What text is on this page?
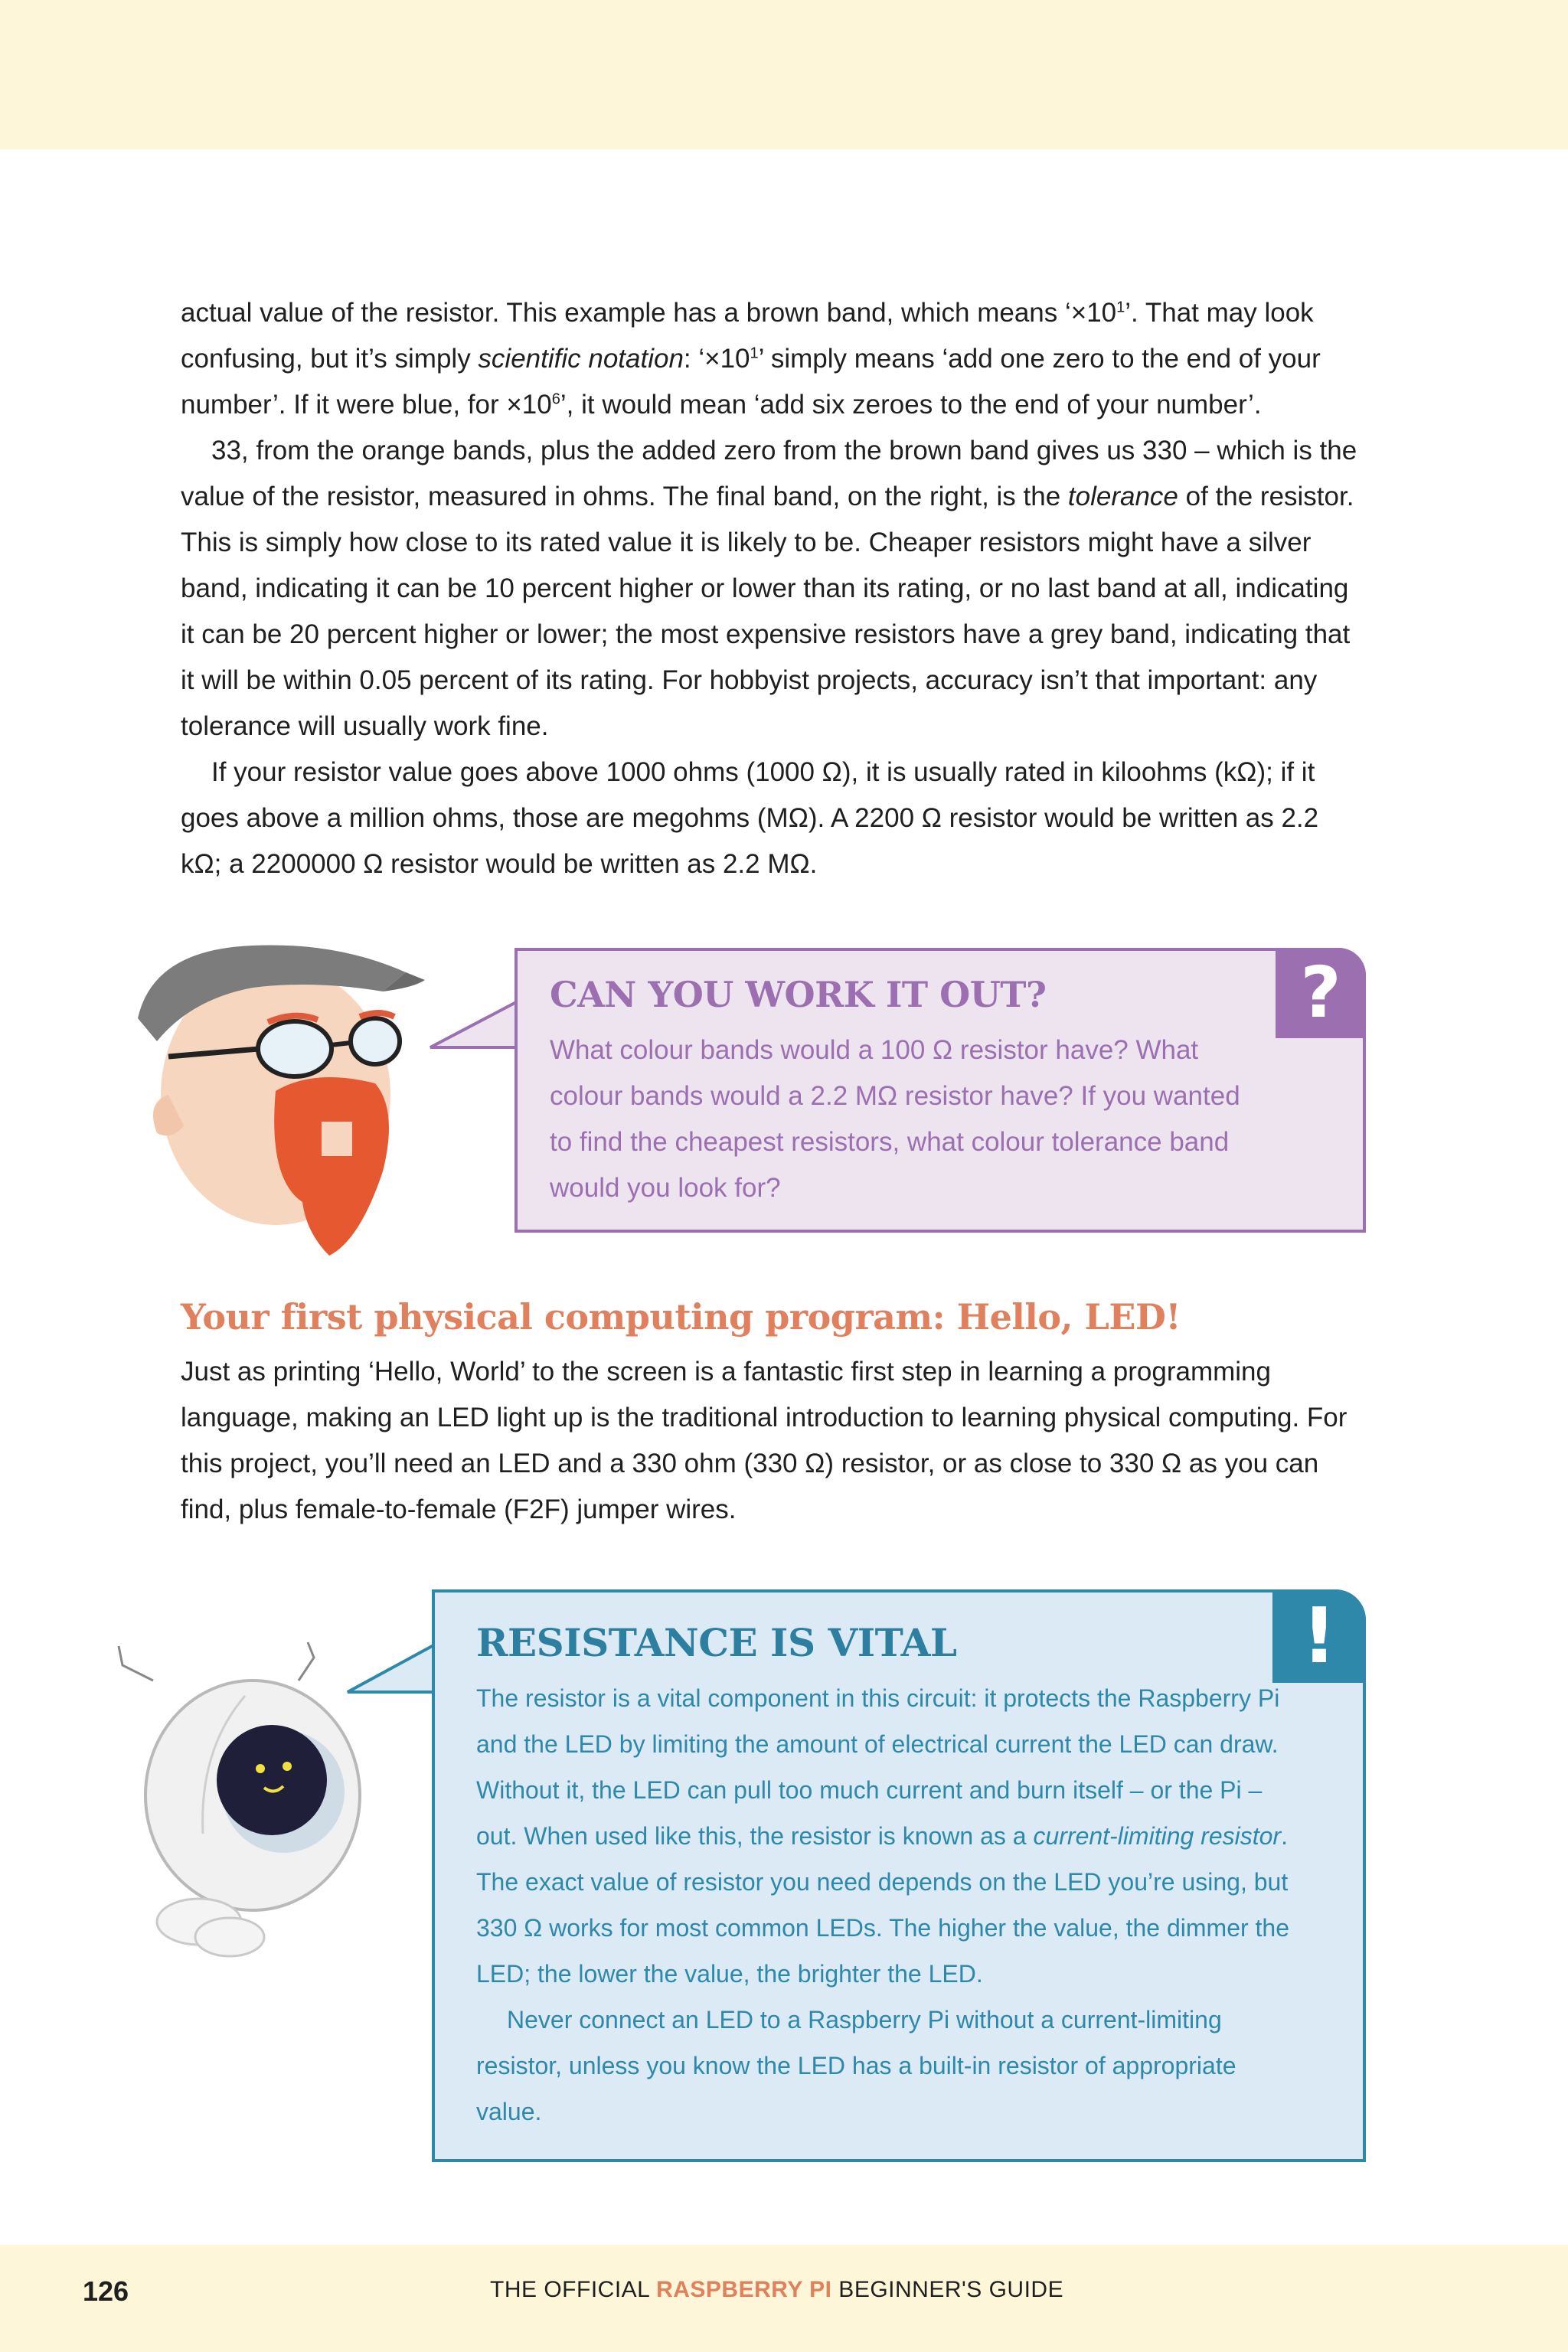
actual value of the resistor. This example has a brown band, which means ‘$\times 10^1$’. That may look confusing, but it’s simply scientific notation: ‘$\times 10^1$’ simply means ‘add one zero to the end of your number’. If it were blue, for $\times 10^6$’, it would mean ‘add six zeroes to the end of your number’.

33, from the orange bands, plus the added zero from the brown band gives us 330 – which is the value of the resistor, measured in ohms. The final band, on the right, is the tolerance of the resistor. This is simply how close to its rated value it is likely to be. Cheaper resistors might have a silver band, indicating it can be 10 percent higher or lower than its rating, or no last band at all, indicating it can be 20 percent higher or lower; the most expensive resistors have a grey band, indicating that it will be within 0.05 percent of its rating. For hobbyist projects, accuracy isn’t that important: any tolerance will usually work fine.

If your resistor value goes above 1000 ohms (1000 Ω), it is usually rated in kiloohms (kΩ); if it goes above a million ohms, those are megohms (MΩ). A 2200 Ω resistor would be written as 2.2 kΩ; a 2200000 Ω resistor would be written as 2.2 MΩ.

CAN YOU WORK IT OUT?	?

What colour bands would a 100 Ω resistor have? What colour bands would a 2.2 MΩ resistor have? If you wanted to find the cheapest resistors, what colour tolerance band would you look for?

Your first physical computing program: Hello, LED!

Just as printing ‘Hello, World’ to the screen is a fantastic first step in learning a programming language, making an LED light up is the traditional introduction to learning physical computing. For this project, you’ll need an LED and a 330 ohm (330 Ω) resistor, or as close to 330 Ω as you can find, plus female-to-female (F2F) jumper wires.

RESISTANCE IS VITAL	!

The resistor is a vital component in this circuit: it protects the Raspberry Pi and the LED by limiting the amount of electrical current the LED can draw. Without it, the LED can pull too much current and burn itself – or the Pi – out. When used like this, the resistor is known as a current-limiting resistor. The exact value of resistor you need depends on the LED you’re using, but 330 Ω works for most common LEDs. The higher the value, the dimmer the LED; the lower the value, the brighter the LED.

Never connect an LED to a Raspberry Pi without a current-limiting resistor, unless you know the LED has a built-in resistor of appropriate value.

126	THE OFFICIAL RASPBERRY PI BEGINNER'S GUIDE
